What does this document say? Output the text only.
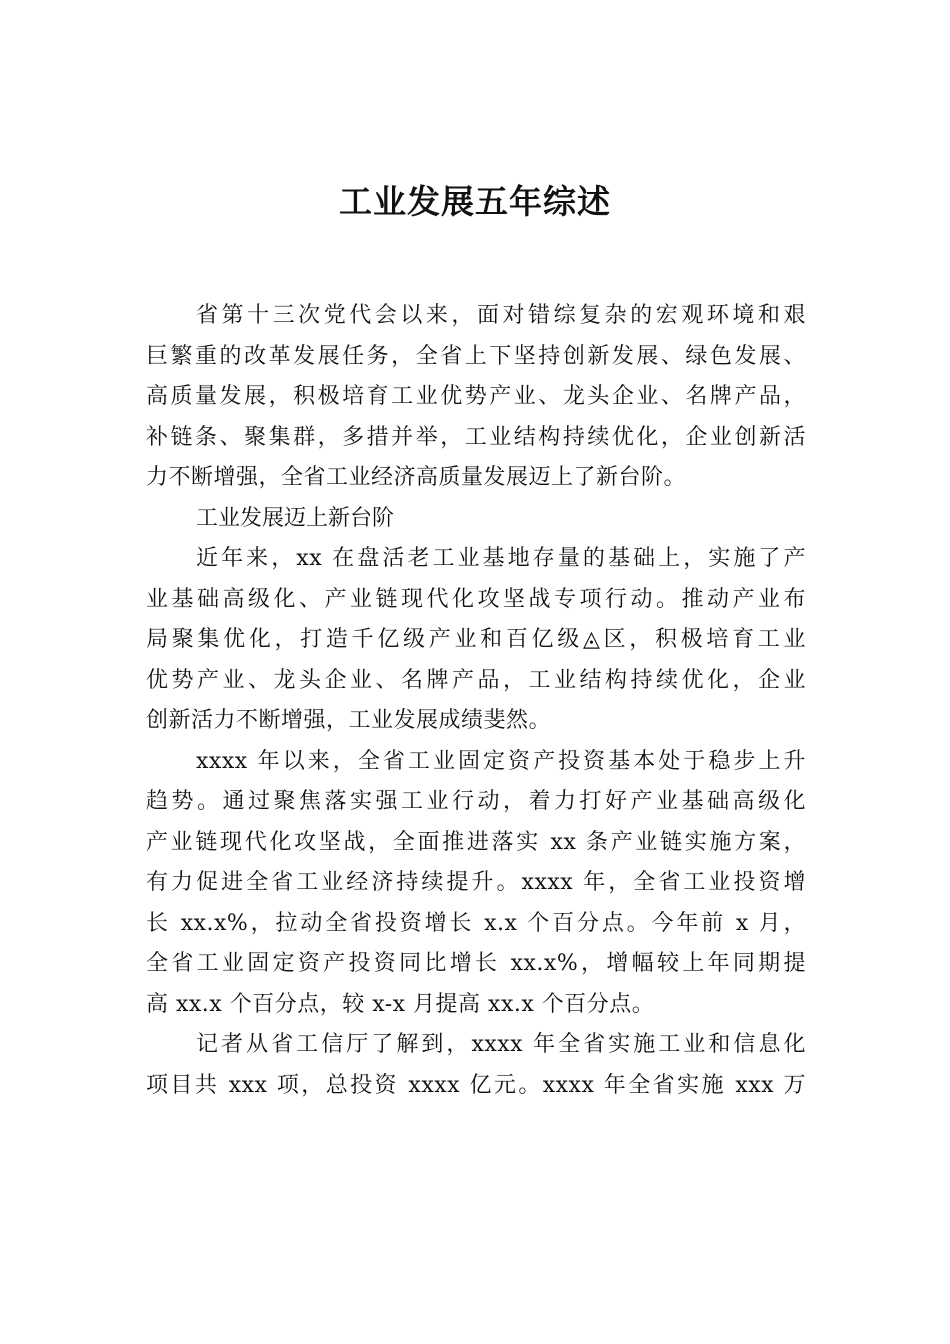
工业发展五年综述
省第十三次党代会以来，面对错综复杂的宏观环境和艰
巨繁重的改革发展任务，全省上下坚持创新发展、绿色发展、
高质量发展，积极培育工业优势产业、龙头企业、名牌产品，
补链条、聚集群，多措并举，工业结构持续优化，企业创新活
力不断增强，全省工业经济高质量发展迈上了新台阶。
工业发展迈上新台阶
近年来，xx 在盘活老工业基地存量的基础上，实施了产
业基础高级化、产业链现代化攻坚战专项行动。推动产业布
局聚集优化，打造千亿级产业和百亿级◬区，积极培育工业
优势产业、龙头企业、名牌产品，工业结构持续优化，企业
创新活力不断增强，工业发展成绩斐然。
xxxx 年以来，全省工业固定资产投资基本处于稳步上升
趋势。通过聚焦落实强工业行动，着力打好产业基础高级化
产业链现代化攻坚战，全面推进落实 xx 条产业链实施方案，
有力促进全省工业经济持续提升。xxxx 年，全省工业投资增
长 xx.x%，拉动全省投资增长 x.x 个百分点。今年前 x 月，
全省工业固定资产投资同比增长 xx.x%，增幅较上年同期提
高 xx.x 个百分点，较 x-x 月提高 xx.x 个百分点。
记者从省工信厅了解到，xxxx 年全省实施工业和信息化
项目共 xxx 项，总投资 xxxx 亿元。xxxx 年全省实施 xxx 万
